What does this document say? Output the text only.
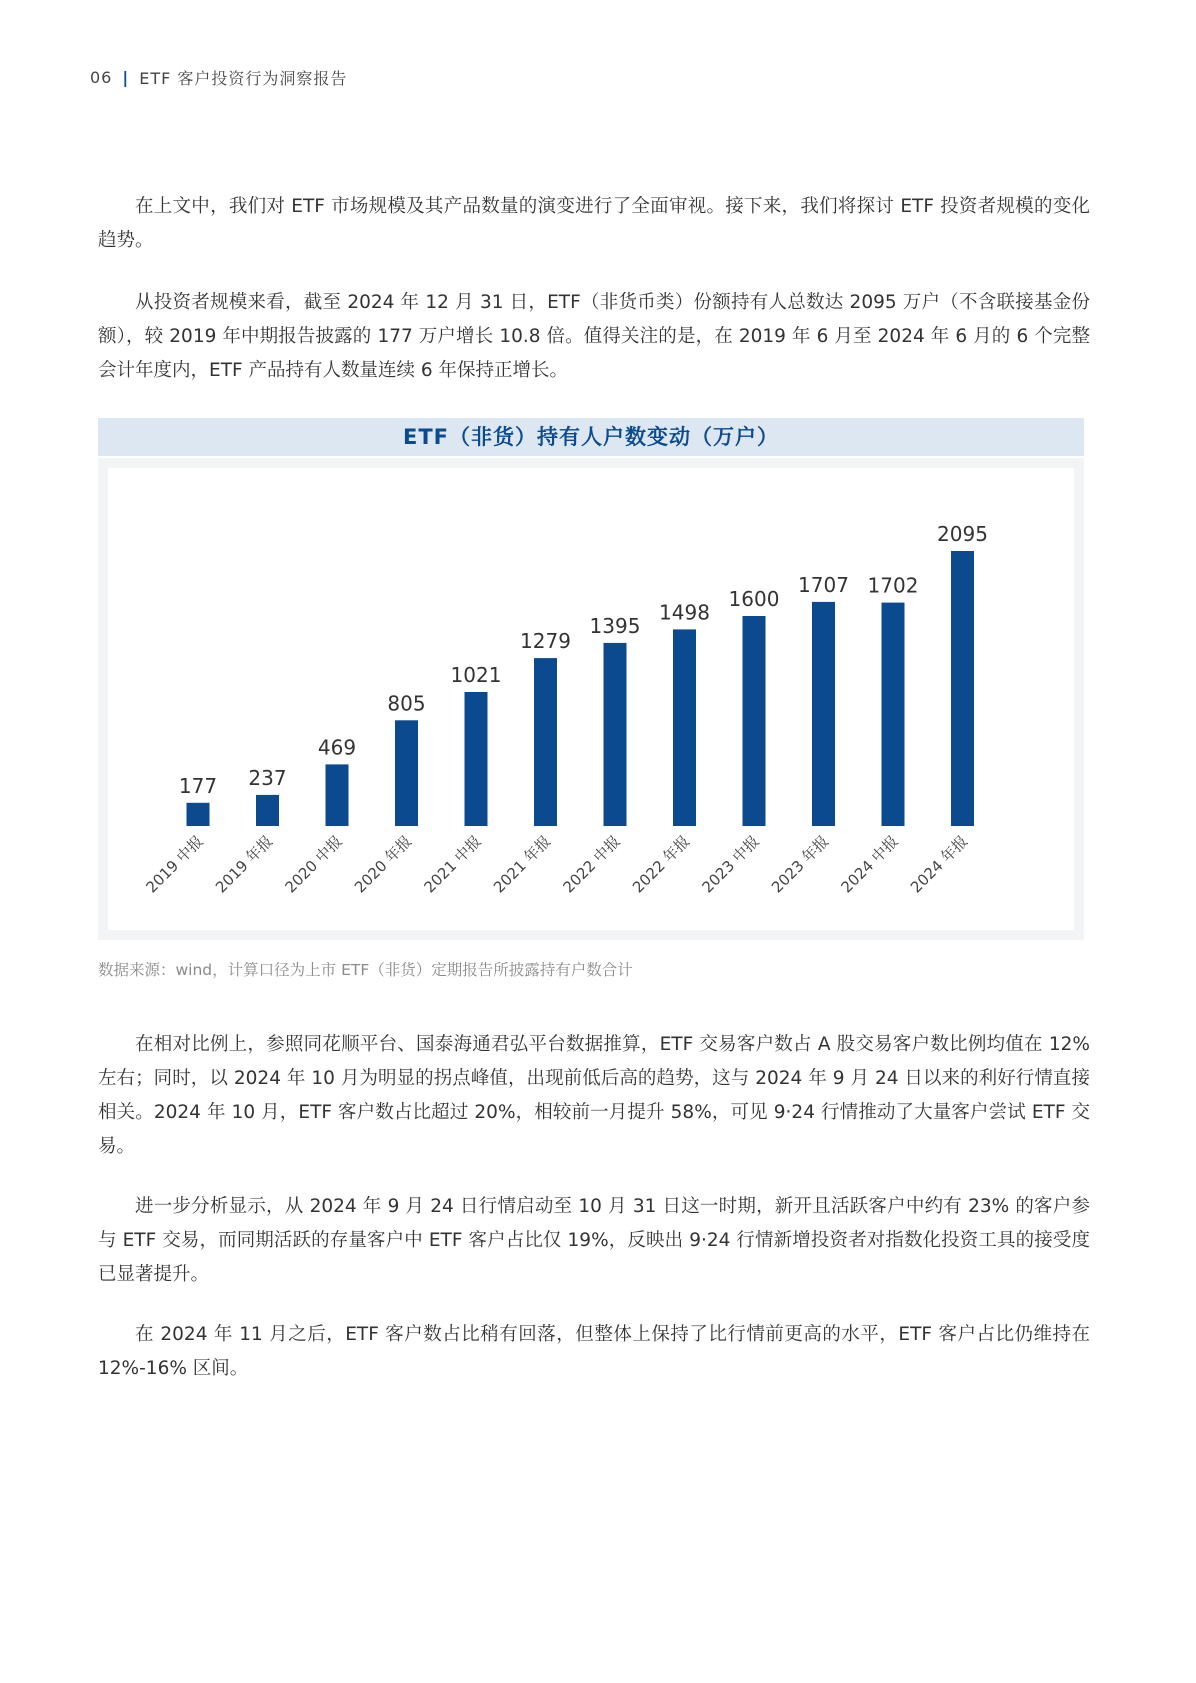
06 | ETF 客户投资行为洞察报告
在上文中，我们对 ETF 市场规模及其产品数量的演变进行了全面审视。接下来，我们将探讨 ETF 投资者规模的变化趋势。
从投资者规模来看，截至 2024 年 12 月 31 日，ETF（非货币类）份额持有人总数达 2095 万户（不含联接基金份额），较 2019 年中期报告披露的 177 万户增长 10.8 倍。值得关注的是，在 2019 年 6 月至 2024 年 6 月的 6 个完整会计年度内，ETF 产品持有人数量连续 6 年保持正增长。
ETF（非货）持有人户数变动（万户）
177
2019 中报
237
2019 年报
469
2020 中报
805
2020 年报
1021
2021 中报
1279
2021 年报
1395
2022 中报
1498
2022 年报
1600
2023 中报
1707
2023 年报
1702
2024 中报
2095
2024 年报
数据来源：wind，计算口径为上市 ETF（非货）定期报告所披露持有户数合计
在相对比例上，参照同花顺平台、国泰海通君弘平台数据推算，ETF 交易客户数占 A 股交易客户数比例均值在 12% 左右；同时，以 2024 年 10 月为明显的拐点峰值，出现前低后高的趋势，这与 2024 年 9 月 24 日以来的利好行情直接相关。2024 年 10 月，ETF 客户数占比超过 20%，相较前一月提升 58%，可见 9·24 行情推动了大量客户尝试 ETF 交易。
进一步分析显示，从 2024 年 9 月 24 日行情启动至 10 月 31 日这一时期，新开且活跃客户中约有 23% 的客户参与 ETF 交易，而同期活跃的存量客户中 ETF 客户占比仅 19%，反映出 9·24 行情新增投资者对指数化投资工具的接受度已显著提升。
在 2024 年 11 月之后，ETF 客户数占比稍有回落，但整体上保持了比行情前更高的水平，ETF 客户占比仍维持在 12%-16% 区间。
